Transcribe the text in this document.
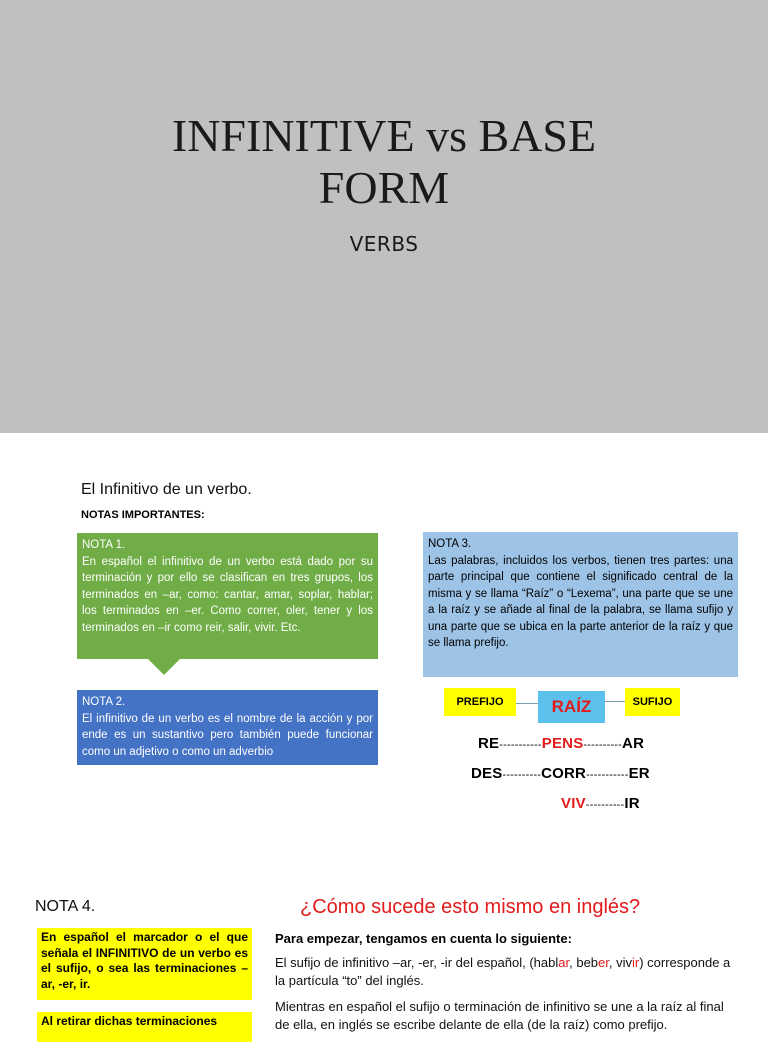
INFINITIVE vs BASE
FORM
VERBS
El Infinitivo de un verbo.
NOTAS IMPORTANTES:
NOTA 1.
En español el infinitivo de un verbo está dado por su terminación y por ello se clasifican en tres grupos, los terminados en –ar, como: cantar, amar, soplar, hablar; los terminados en –er. Como correr, oler, tener y los terminados en –ir como reir, salir, vivir. Etc.
NOTA 2.
El infinitivo de un verbo es el nombre de la acción y por ende es un sustantivo pero también puede funcionar como un adjetivo o como un adverbio
NOTA 3.
Las palabras, incluidos los verbos, tienen tres partes: una parte principal que contiene el significado central de la misma y se llama “Raíz” o “Lexema”, una parte que se une a la raíz y se añade al final de la palabra, se llama sufijo y una parte que se ubica en la parte anterior de la raíz y que se llama prefijo.
PREFIJO	RAÍZ	SUFIJO
RE-----------PENS----------AR
DES----------CORR-----------ER
VIV----------IR
NOTA 4.	¿Cómo sucede esto mismo en inglés?
En español el marcador o el que señala el INFINITIVO de un verbo es el sufijo, o sea las terminaciones –ar, -er, ir.
Al retirar dichas terminaciones
Para empezar, tengamos en cuenta lo siguiente:
El sufijo de infinitivo –ar, -er, -ir del español, (hablar, beber, vivir) corresponde a la partícula “to” del inglés.
Mientras en español el sufijo o terminación de infinitivo se une a la raíz al final de ella, en inglés se escribe delante de ella (de la raíz) como prefijo.
